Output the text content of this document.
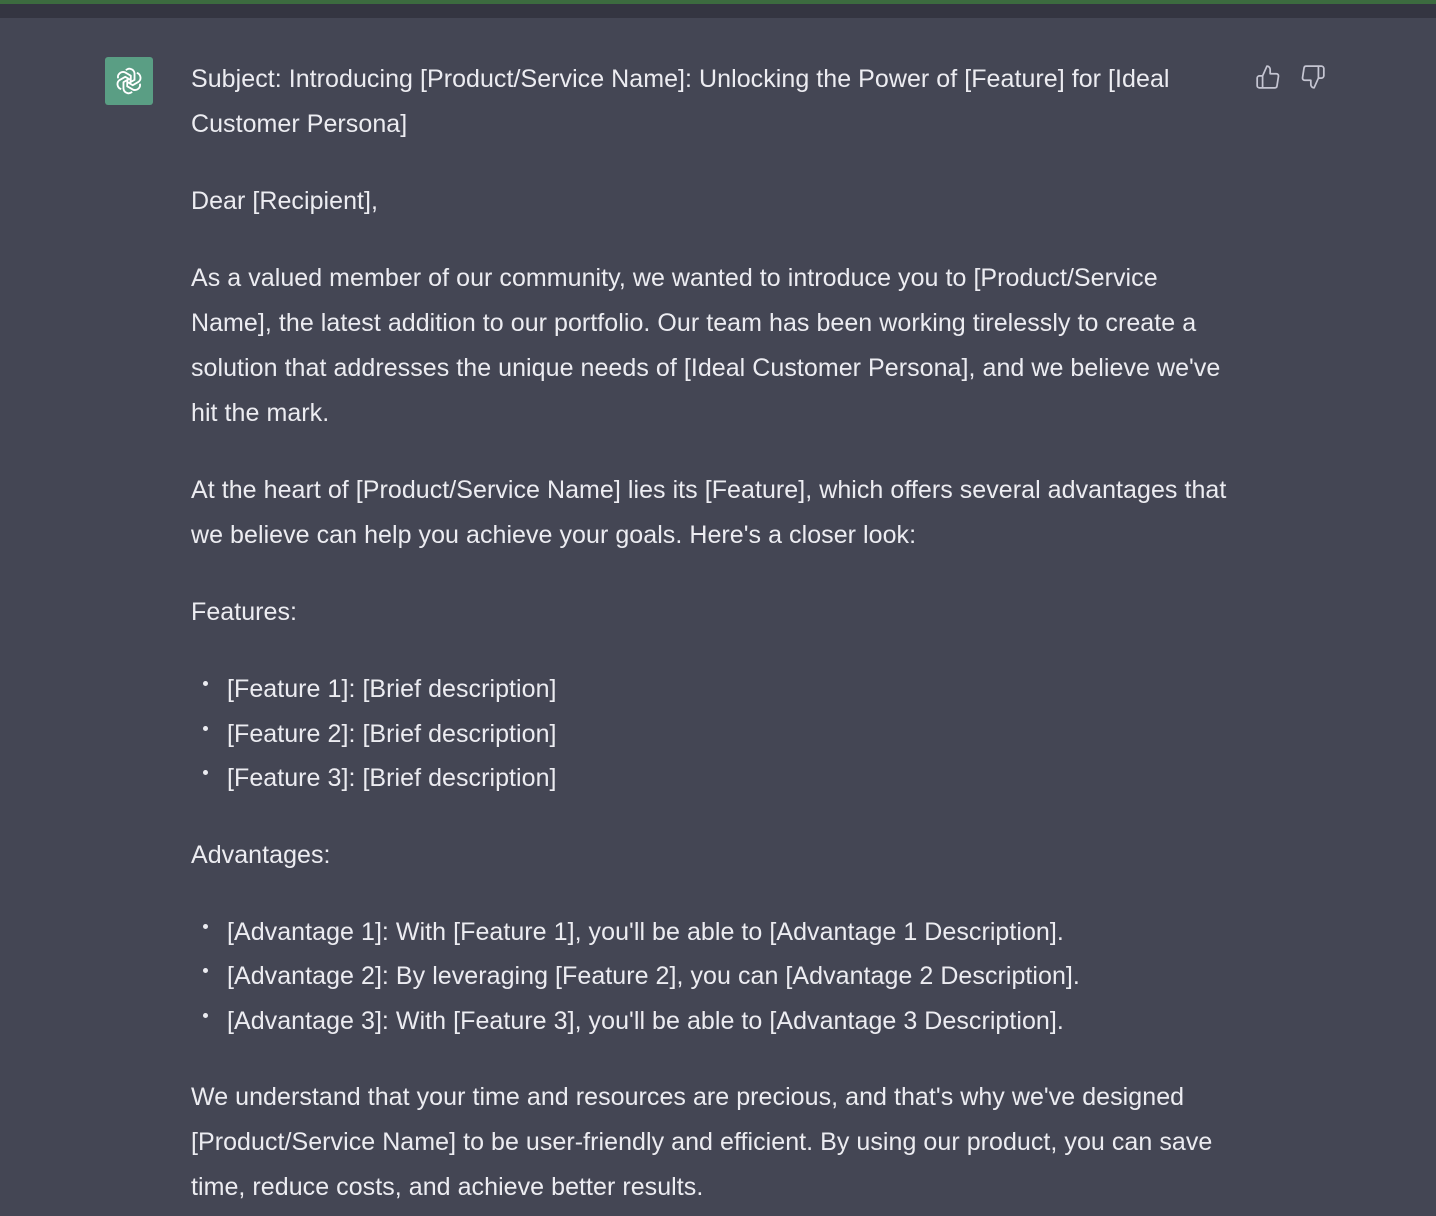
Subject: Introducing [Product/Service Name]: Unlocking the Power of [Feature] for [Ideal Customer Persona]

Dear [Recipient],

As a valued member of our community, we wanted to introduce you to [Product/Service Name], the latest addition to our portfolio. Our team has been working tirelessly to create a solution that addresses the unique needs of [Ideal Customer Persona], and we believe we've hit the mark.

At the heart of [Product/Service Name] lies its [Feature], which offers several advantages that we believe can help you achieve your goals. Here's a closer look:

Features:

[Feature 1]: [Brief description]
[Feature 2]: [Brief description]
[Feature 3]: [Brief description]

Advantages:

[Advantage 1]: With [Feature 1], you'll be able to [Advantage 1 Description].
[Advantage 2]: By leveraging [Feature 2], you can [Advantage 2 Description].
[Advantage 3]: With [Feature 3], you'll be able to [Advantage 3 Description].

We understand that your time and resources are precious, and that's why we've designed [Product/Service Name] to be user-friendly and efficient. By using our product, you can save time, reduce costs, and achieve better results.
